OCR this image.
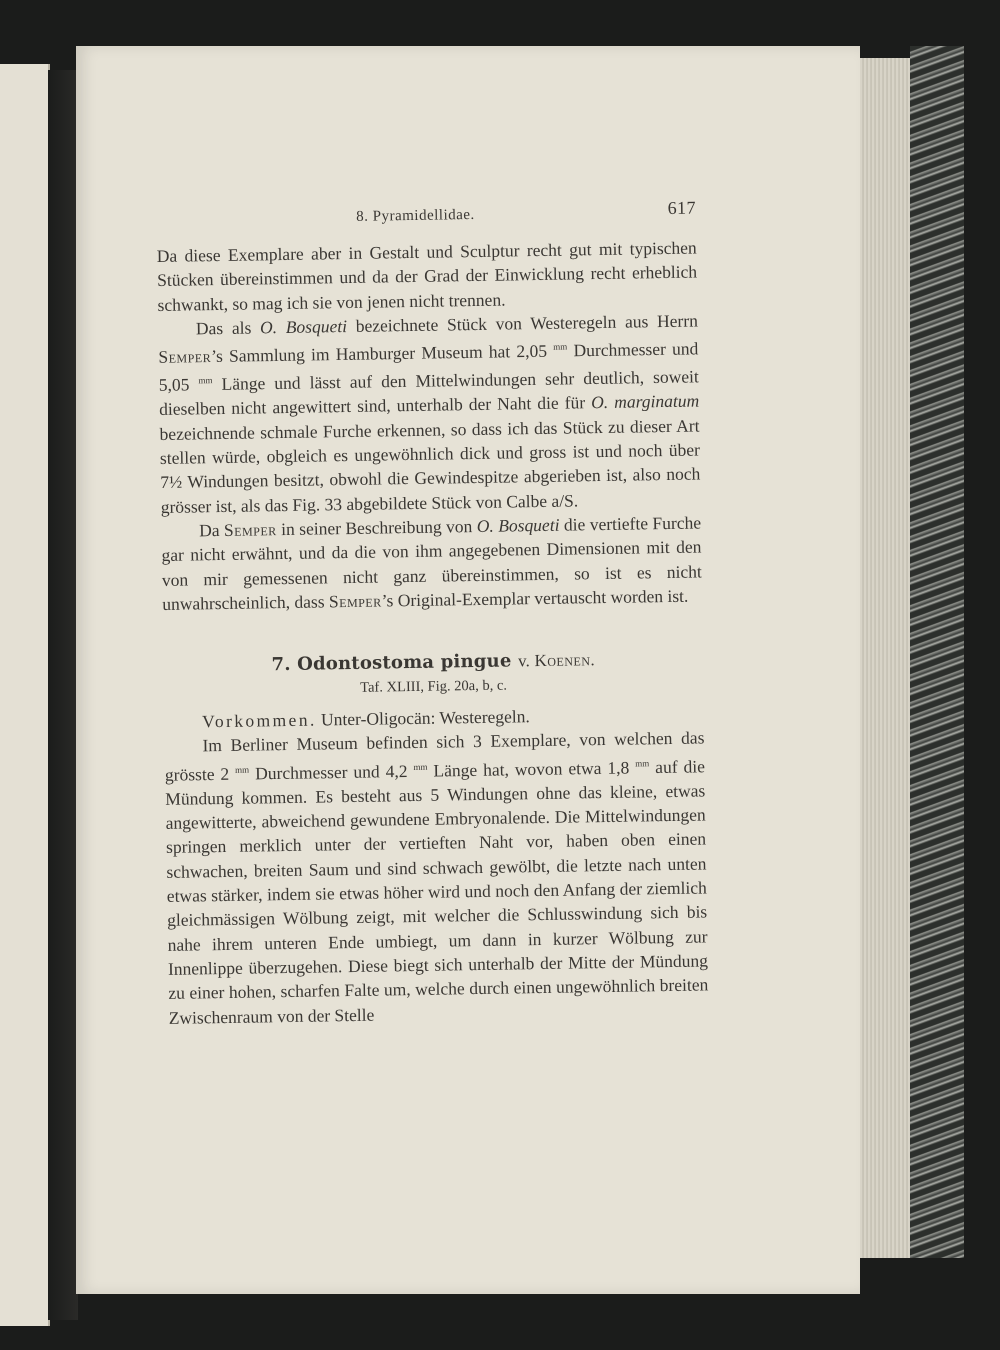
8. Pyramidellidae.	617

Da diese Exemplare aber in Gestalt und Sculptur recht gut mit typischen Stücken übereinstimmen und da der Grad der Einwicklung recht erheblich schwankt, so mag ich sie von jenen nicht trennen.

Das als O. Bosqueti bezeichnete Stück von Westeregeln aus Herrn Semper’s Sammlung im Hamburger Museum hat 2,05 $^{mm}$ Durchmesser und 5,05 $^{mm}$ Länge und lässt auf den Mittelwindungen sehr deutlich, soweit dieselben nicht angewittert sind, unterhalb der Naht die für O. marginatum bezeichnende schmale Furche erkennen, so dass ich das Stück zu dieser Art stellen würde, obgleich es ungewöhnlich dick und gross ist und noch über 7½ Windungen besitzt, obwohl die Gewindespitze abgerieben ist, also noch grösser ist, als das Fig. 33 abgebildete Stück von Calbe a/S.

Da Semper in seiner Beschreibung von O. Bosqueti die vertiefte Furche gar nicht erwähnt, und da die von ihm angegebenen Dimensionen mit den von mir gemessenen nicht ganz übereinstimmen, so ist es nicht unwahrscheinlich, dass Semper’s Original-Exemplar vertauscht worden ist.

7. Odontostoma pingue v. Koenen.
Taf. XLIII, Fig. 20a, b, c.

Vorkommen. Unter-Oligocän: Westeregeln.

Im Berliner Museum befinden sich 3 Exemplare, von welchen das grösste 2 $^{mm}$ Durchmesser und 4,2 $^{mm}$ Länge hat, wovon etwa 1,8 $^{mm}$ auf die Mündung kommen. Es besteht aus 5 Windungen ohne das kleine, etwas angewitterte, abweichend gewundene Embryonalende. Die Mittelwindungen springen merklich unter der vertieften Naht vor, haben oben einen schwachen, breiten Saum und sind schwach gewölbt, die letzte nach unten etwas stärker, indem sie etwas höher wird und noch den Anfang der ziemlich gleichmässigen Wölbung zeigt, mit welcher die Schlusswindung sich bis nahe ihrem unteren Ende umbiegt, um dann in kurzer Wölbung zur Innenlippe überzugehen. Diese biegt sich unterhalb der Mitte der Mündung zu einer hohen, scharfen Falte um, welche durch einen ungewöhnlich breiten Zwischenraum von der Stelle
